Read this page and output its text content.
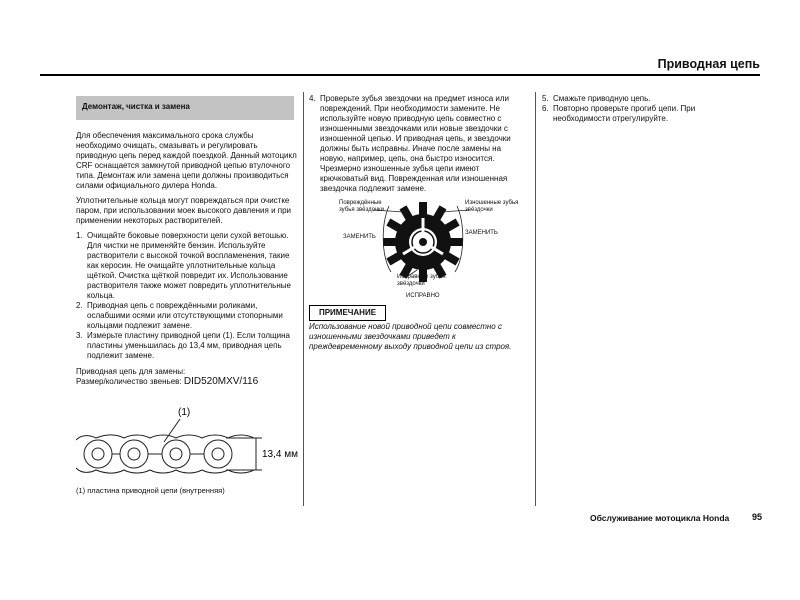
Приводная цепь
Демонтаж, чистка и замена

Для обеспечения максимального срока службы необходимо очищать, смазывать и регулировать приводную цепь перед каждой поездкой. Данный мотоцикл CRF оснащается замкнутой приводной цепью втулочного типа. Демонтаж или замена цепи должны производиться силами официального дилера Honda.

Уплотнительные кольца могут повреждаться при очистке паром, при использовании моек высокого давления и при применении некоторых растворителей.

1. Очищайте боковые поверхности цепи сухой ветошью. Для чистки не применяйте бензин. Используйте растворители с высокой точкой воспламенения, такие как керосин. Не очищайте уплотнительные кольца щёткой. Очистка щёткой повредит их. Использование растворителя также может повредить уплотнительные кольца.
2. Приводная цепь с повреждёнными роликами, ослабшими осями или отсутствующими стопорными кольцами подлежит замене.
3. Измерьте пластину приводной цепи (1). Если толщина пластины уменьшилась до 13,4 мм, приводная цепь подлежит замене.

Приводная цепь для замены:

Размер/количество звеньев: DID520MXV/116

(1)
13,4 мм
(1) пластина приводной цепи (внутренняя)
4. Проверьте зубья звездочки на предмет износа или повреждений. При необходимости замените. Не используйте новую приводную цепь совместно с изношенными звездочками или новые звездочки с изношенной цепью. И приводная цепь, и звездочки должны быть исправны. Иначе после замены на новую, например, цепь, она быстро износится. Чрезмерно изношенные зубья цепи имеют крючковатый вид. Поврежденная или изношенная звездочка подлежит замене.
Повреждённые зубья звёздочки
Изношенные зубья звёздочки
ЗАМЕНИТЬ
ЗАМЕНИТЬ
Исправные зубья звёздочки
ИСПРАВНО
ПРИМЕЧАНИЕ
Использование новой приводной цепи совместно с изношенными звездочками приведет к преждевременному выходу приводной цепи из строя.
5. Смажьте приводную цепь.
6. Повторно проверьте прогиб цепи. При необходимости отрегулируйте.
Обслуживание мотоцикла Honda	95
